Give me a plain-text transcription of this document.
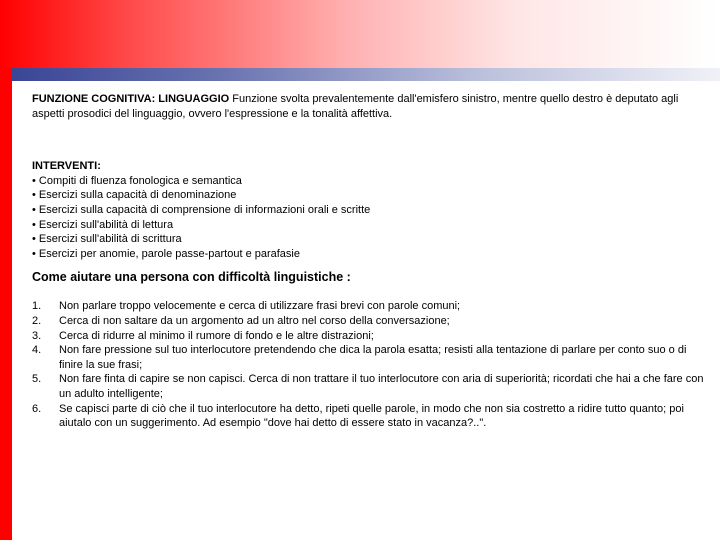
FUNZIONE COGNITIVA: LINGUAGGIO Funzione svolta prevalentemente dall'emisfero sinistro, mentre quello destro è deputato agli aspetti prosodici del linguaggio, ovvero l'espressione e la tonalità affettiva.

INTERVENTI:
• Compiti di fluenza fonologica e semantica
• Esercizi sulla capacità di denominazione
• Esercizi sulla capacità di comprensione di informazioni orali e scritte
• Esercizi sull'abilità di lettura
• Esercizi sull'abilità di scrittura
• Esercizi per anomie, parole passe-partout e parafasie
Come aiutare una persona con difficoltà linguistiche :
1.	Non parlare troppo velocemente e cerca di utilizzare frasi brevi con parole comuni;
2.	Cerca di non saltare da un argomento ad un altro nel corso della conversazione;
3.	Cerca di ridurre al minimo il rumore di fondo e le altre distrazioni;
4.	Non fare pressione sul tuo interlocutore pretendendo che dica la parola esatta; resisti alla tentazione di parlare per conto suo o di finire la sue frasi;
5.	Non fare finta di capire se non capisci. Cerca di non trattare il tuo interlocutore con aria di superiorità; ricordati che hai a che fare con un adulto intelligente;
6.	Se capisci parte di ciò che il tuo interlocutore ha detto, ripeti quelle parole, in modo che non sia costretto a ridire tutto quanto; poi aiutalo con un suggerimento. Ad esempio "dove hai detto di essere stato in vacanza?..".
